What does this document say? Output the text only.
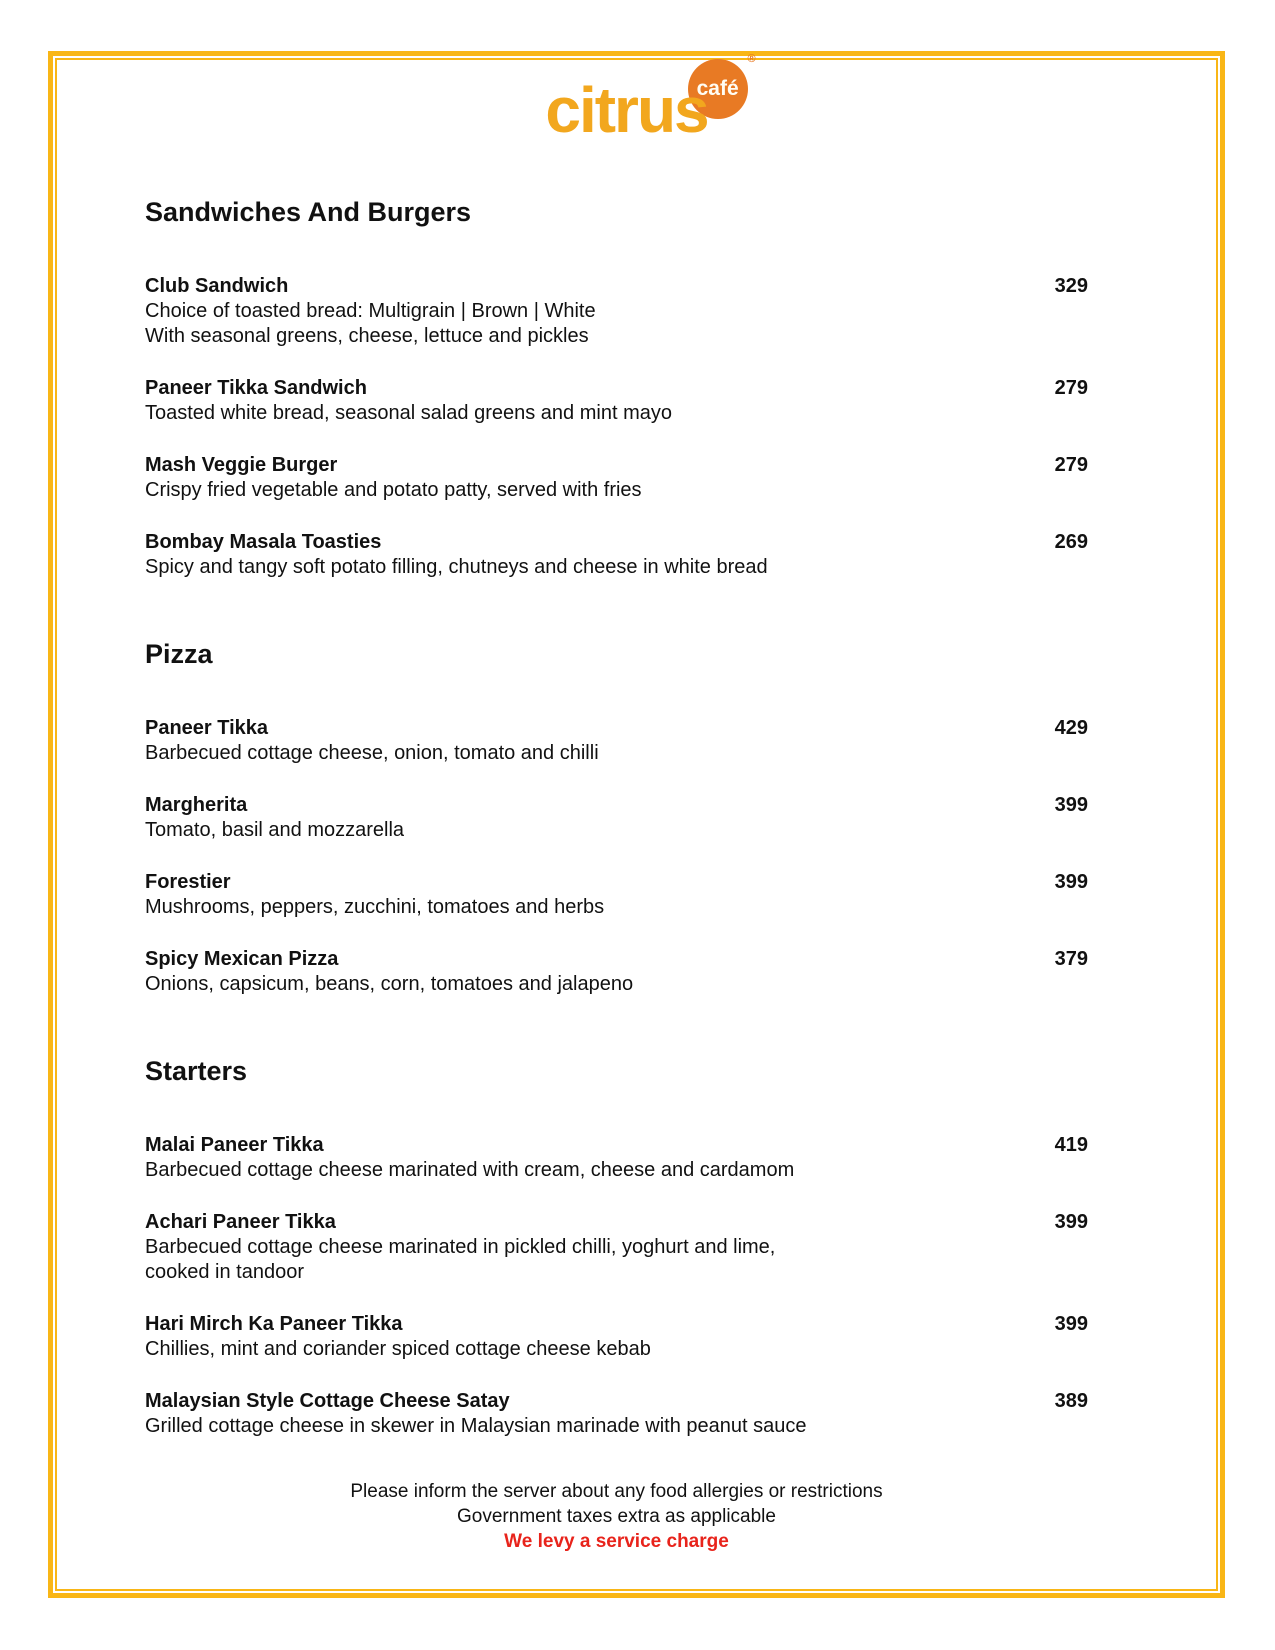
café
citrus
®
Sandwiches And Burgers
Club Sandwich	329
Choice of toasted bread: Multigrain | Brown | White
With seasonal greens, cheese, lettuce and pickles
Paneer Tikka Sandwich	279
Toasted white bread, seasonal salad greens and mint mayo
Mash Veggie Burger	279
Crispy fried vegetable and potato patty, served with fries
Bombay Masala Toasties	269
Spicy and tangy soft potato filling, chutneys and cheese in white bread
Pizza
Paneer Tikka	429
Barbecued cottage cheese, onion, tomato and chilli
Margherita	399
Tomato, basil and mozzarella
Forestier	399
Mushrooms, peppers, zucchini, tomatoes and herbs
Spicy Mexican Pizza	379
Onions, capsicum, beans, corn, tomatoes and jalapeno
Starters
Malai Paneer Tikka	419
Barbecued cottage cheese marinated with cream, cheese and cardamom
Achari Paneer Tikka	399
Barbecued cottage cheese marinated in pickled chilli, yoghurt and lime,
cooked in tandoor
Hari Mirch Ka Paneer Tikka	399
Chillies, mint and coriander spiced cottage cheese kebab
Malaysian Style Cottage Cheese Satay	389
Grilled cottage cheese in skewer in Malaysian marinade with peanut sauce
Please inform the server about any food allergies or restrictions
Government taxes extra as applicable
We levy a service charge
